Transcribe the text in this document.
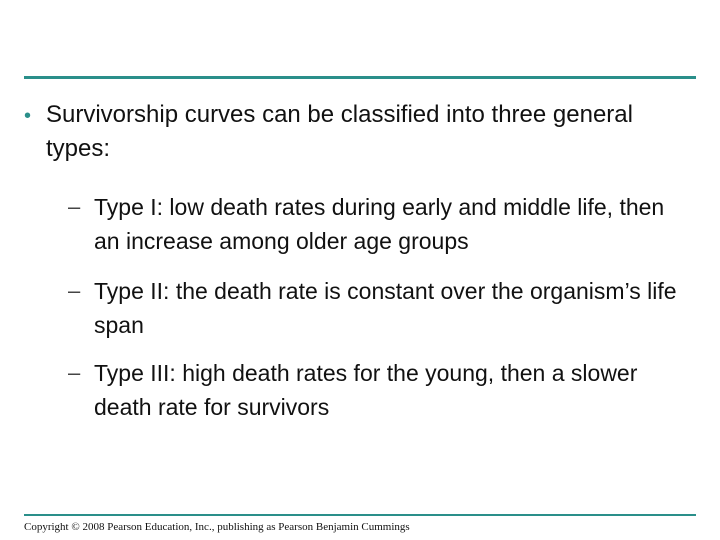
• Survivorship curves can be classified into three general types:
– Type I: low death rates during early and middle life, then an increase among older age groups
– Type II: the death rate is constant over the organism’s life span
– Type III: high death rates for the young, then a slower death rate for survivors
Copyright © 2008 Pearson Education, Inc., publishing as Pearson Benjamin Cummings
